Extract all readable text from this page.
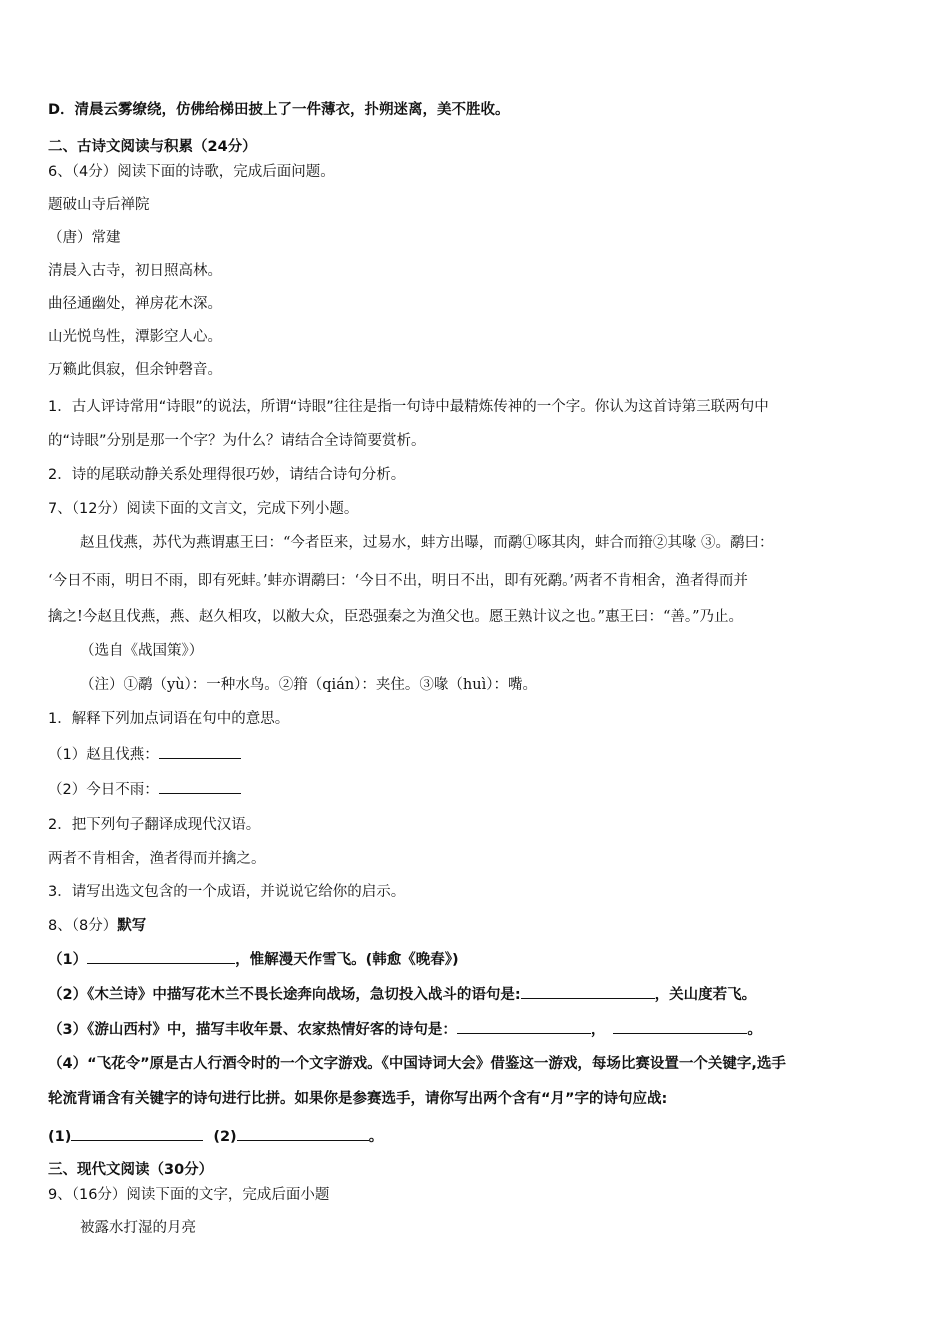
D．清晨云雾缭绕，仿佛给梯田披上了一件薄衣，扑朔迷离，美不胜收。
二、古诗文阅读与积累（24分）
6、（4分）阅读下面的诗歌，完成后面问题。
题破山寺后禅院
（唐）常建
清晨入古寺，初日照高林。
曲径通幽处，禅房花木深。
山光悦鸟性，潭影空人心。
万籁此俱寂，但余钟磬音。
1．古人评诗常用“诗眼”的说法，所谓“诗眼”往往是指一句诗中最精炼传神的一个字。你认为这首诗第三联两句中
的“诗眼”分别是那一个字？为什么？请结合全诗简要赏析。
2．诗的尾联动静关系处理得很巧妙，请结合诗句分析。
7、（12分）阅读下面的文言文，完成下列小题。
赵且伐燕，苏代为燕谓惠王曰：“今者臣来，过易水，蚌方出曝，而鹬①啄其肉，蚌合而箝②其喙 ③。鹬曰：
‘今日不雨，明日不雨，即有死蚌。’蚌亦谓鹬曰：‘今日不出，明日不出，即有死鹬。’两者不肯相舍，渔者得而并
擒之!今赵且伐燕，燕、赵久相攻，以敝大众，臣恐强秦之为渔父也。愿王熟计议之也。”惠王曰：“善。”乃止。
（选自《战国策》）
（注）①鹬（yù）：一种水鸟。②箝（qián）：夹住。③喙（huì）：嘴。
1．解释下列加点词语在句中的意思。
（1）赵且伐燕：
（2）今日不雨：
2．把下列句子翻译成现代汉语。
两者不肯相舍，渔者得而并擒之。
3．请写出选文包含的一个成语，并说说它给你的启示。
8、（8分）默写
（1）	，惟解漫天作雪飞。(韩愈《晚春》)
（2）《木兰诗》中描写花木兰不畏长途奔向战场，急切投入战斗的语句是:	，关山度若飞。
（3）《游山西村》中，描写丰收年景、农家热情好客的诗句是：	，	。
（4）“飞花令”原是古人行酒令时的一个文字游戏。《中国诗词大会》借鉴这一游戏，每场比赛设置一个关键字,选手
轮流背诵含有关键字的诗句进行比拼。如果你是参赛选手，请你写出两个含有“月”字的诗句应战:
(1)	(2)	。
三、现代文阅读（30分）
9、（16分）阅读下面的文字，完成后面小题
被露水打湿的月亮
